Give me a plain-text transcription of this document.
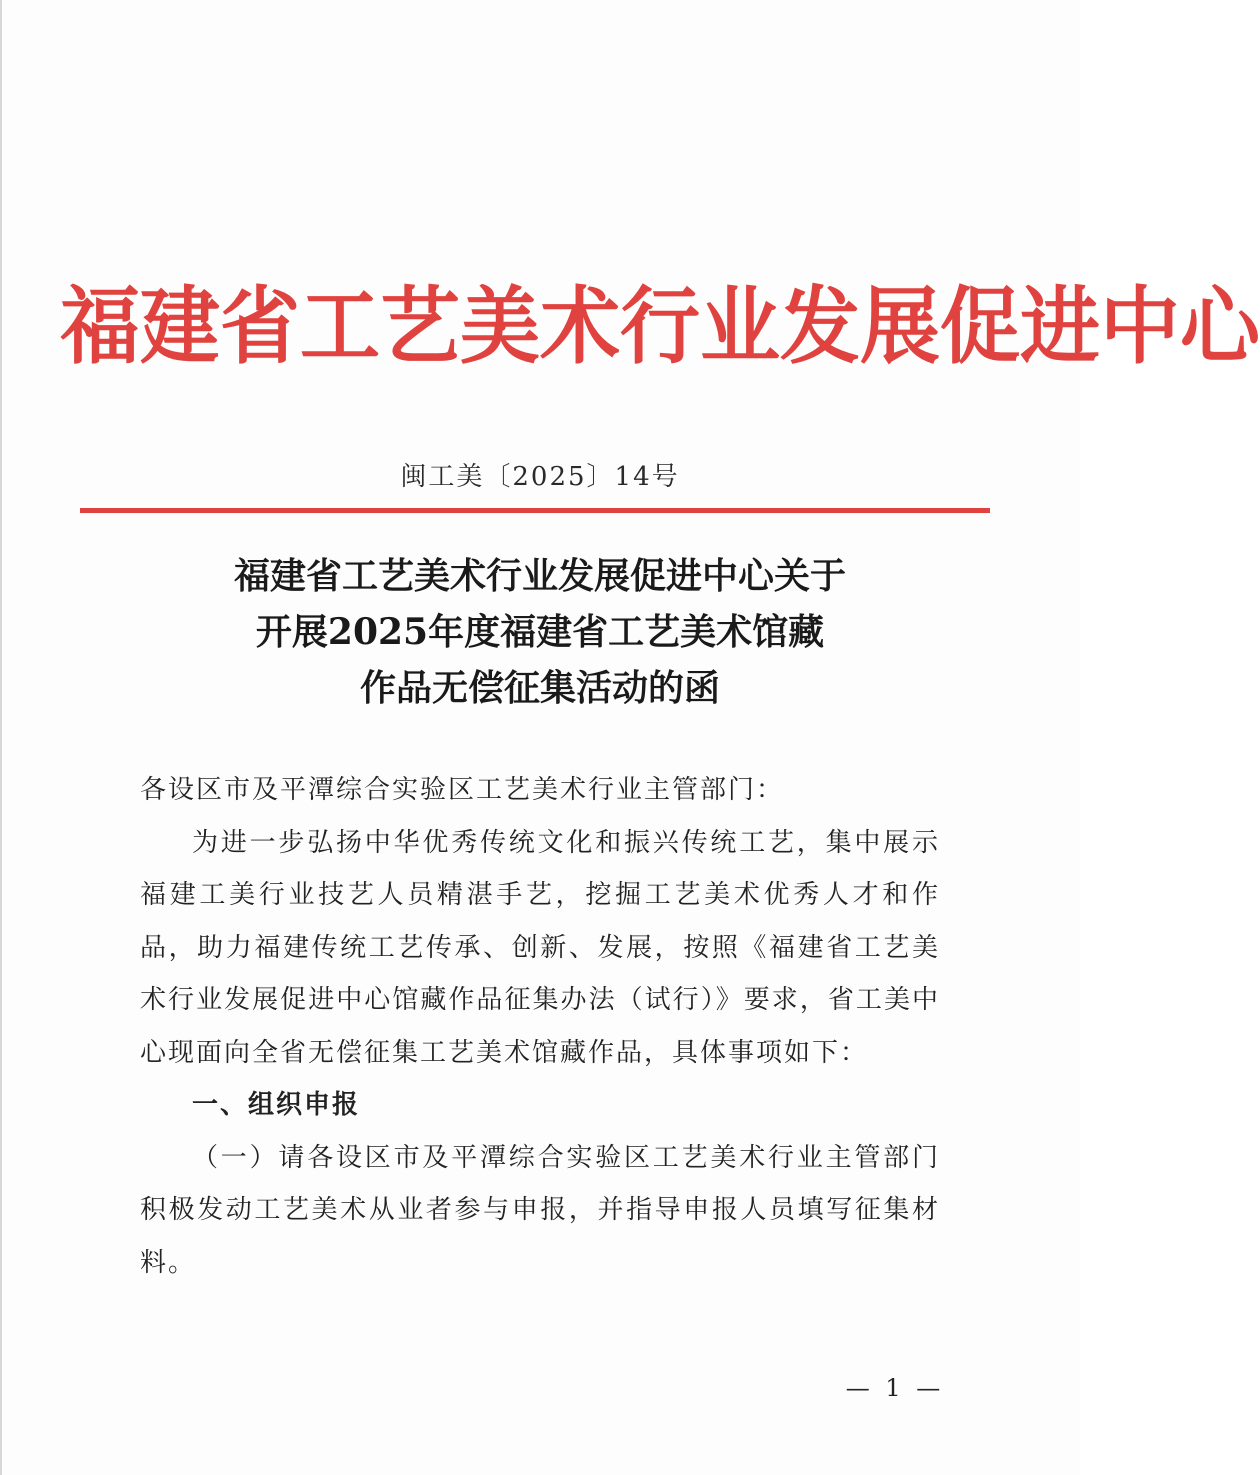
福建省工艺美术行业发展促进中心
闽工美〔2025〕14号
福建省工艺美术行业发展促进中心关于
开展2025年度福建省工艺美术馆藏
作品无偿征集活动的函

各设区市及平潭综合实验区工艺美术行业主管部门：

为进一步弘扬中华优秀传统文化和振兴传统工艺，集中展示福建工美行业技艺人员精湛手艺，挖掘工艺美术优秀人才和作品，助力福建传统工艺传承、创新、发展，按照《福建省工艺美术行业发展促进中心馆藏作品征集办法（试行）》要求，省工美中心现面向全省无偿征集工艺美术馆藏作品，具体事项如下：

一、组织申报

（一）请各设区市及平潭综合实验区工艺美术行业主管部门积极发动工艺美术从业者参与申报，并指导申报人员填写征集材料。

— 1 —
